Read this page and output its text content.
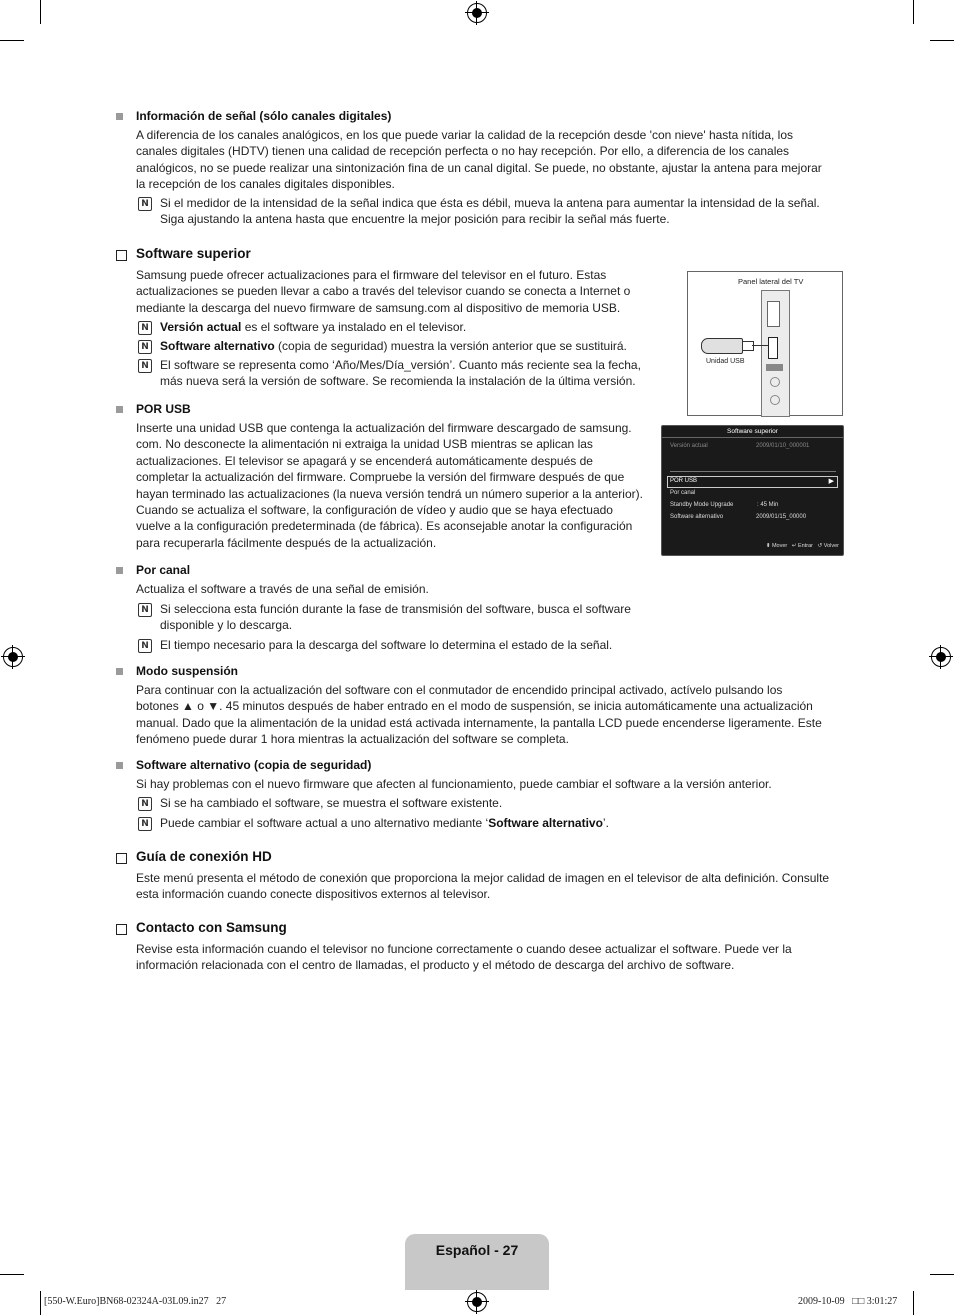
Información de señal (sólo canales digitales)
A diferencia de los canales analógicos, en los que puede variar la calidad de la recepción desde 'con nieve' hasta nítida, los
canales digitales (HDTV) tienen una calidad de recepción perfecta o no hay recepción. Por ello, a diferencia de los canales
analógicos, no se puede realizar una sintonización fina de un canal digital. Se puede, no obstante, ajustar la antena para mejorar
la recepción de los canales digitales disponibles.
N Si el medidor de la intensidad de la señal indica que ésta es débil, mueva la antena para aumentar la intensidad de la señal.
Siga ajustando la antena hasta que encuentre la mejor posición para recibir la señal más fuerte.
Software superior
Samsung puede ofrecer actualizaciones para el firmware del televisor en el futuro. Estas
actualizaciones se pueden llevar a cabo a través del televisor cuando se conecta a Internet o
mediante la descarga del nuevo firmware de samsung.com al dispositivo de memoria USB.
N Versión actual es el software ya instalado en el televisor.
N Software alternativo (copia de seguridad) muestra la versión anterior que se sustituirá.
N El software se representa como ‘Año/Mes/Día_versión’. Cuanto más reciente sea la fecha,
más nueva será la versión de software. Se recomienda la instalación de la última versión.
Panel lateral del TV
Unidad USB
Software superior
Versión actual	2009/01/10_000001
POR USB	▶
Por canal
Standby Mode Upgrade	: 45 Min
Software alternativo	2009/01/15_00000
⬍ Mover ↵ Entrar ↺ Volver
POR USB
Inserte una unidad USB que contenga la actualización del firmware descargado de samsung.
com. No desconecte la alimentación ni extraiga la unidad USB mientras se aplican las
actualizaciones. El televisor se apagará y se encenderá automáticamente después de
completar la actualización del firmware. Compruebe la versión del firmware después de que
hayan terminado las actualizaciones (la nueva versión tendrá un número superior a la anterior).
Cuando se actualiza el software, la configuración de vídeo y audio que se haya efectuado
vuelve a la configuración predeterminada (de fábrica). Es aconsejable anotar la configuración
para recuperarla fácilmente después de la actualización.
Por canal
Actualiza el software a través de una señal de emisión.
N Si selecciona esta función durante la fase de transmisión del software, busca el software
disponible y lo descarga.
N El tiempo necesario para la descarga del software lo determina el estado de la señal.
Modo suspensión
Para continuar con la actualización del software con el conmutador de encendido principal activado, actívelo pulsando los
botones ▲ o ▼. 45 minutos después de haber entrado en el modo de suspensión, se inicia automáticamente una actualización
manual. Dado que la alimentación de la unidad está activada internamente, la pantalla LCD puede encenderse ligeramente. Este
fenómeno puede durar 1 hora mientras la actualización del software se completa.
Software alternativo (copia de seguridad)
Si hay problemas con el nuevo firmware que afecten al funcionamiento, puede cambiar el software a la versión anterior.
N Si se ha cambiado el software, se muestra el software existente.
N Puede cambiar el software actual a uno alternativo mediante ‘Software alternativo’.
Guía de conexión HD
Este menú presenta el método de conexión que proporciona la mejor calidad de imagen en el televisor de alta definición. Consulte
esta información cuando conecte dispositivos externos al televisor.
Contacto con Samsung
Revise esta información cuando el televisor no funcione correctamente o cuando desee actualizar el software. Puede ver la
información relacionada con el centro de llamadas, el producto y el método de descarga del archivo de software.
Español - 27
[550-W.Euro]BN68-02324A-03L09.in27   27	2009-10-09   □□ 3:01:27
